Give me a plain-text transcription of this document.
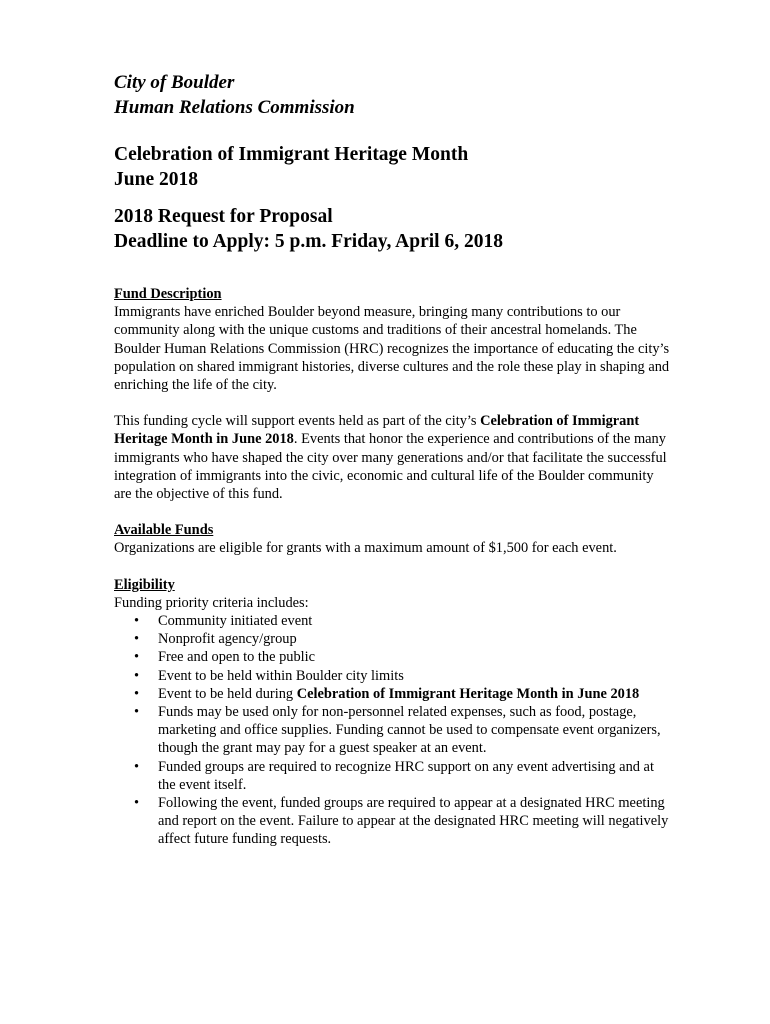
City of Boulder
Human Relations Commission
Celebration of Immigrant Heritage Month
June 2018
2018 Request for Proposal
Deadline to Apply: 5 p.m. Friday, April 6, 2018
Fund Description

Immigrants have enriched Boulder beyond measure, bringing many contributions to our community along with the unique customs and traditions of their ancestral homelands. The Boulder Human Relations Commission (HRC) recognizes the importance of educating the city’s population on shared immigrant histories, diverse cultures and the role these play in shaping and enriching the life of the city.

This funding cycle will support events held as part of the city’s Celebration of Immigrant Heritage Month in June 2018. Events that honor the experience and contributions of the many immigrants who have shaped the city over many generations and/or that facilitate the successful integration of immigrants into the civic, economic and cultural life of the Boulder community are the objective of this fund.

Available Funds

Organizations are eligible for grants with a maximum amount of $1,500 for each event.

Eligibility
Funding priority criteria includes:
• Community initiated event
• Nonprofit agency/group
• Free and open to the public
• Event to be held within Boulder city limits
• Event to be held during Celebration of Immigrant Heritage Month in June 2018
• Funds may be used only for non-personnel related expenses, such as food, postage, marketing and office supplies. Funding cannot be used to compensate event organizers, though the grant may pay for a guest speaker at an event.
• Funded groups are required to recognize HRC support on any event advertising and at the event itself.
• Following the event, funded groups are required to appear at a designated HRC meeting and report on the event. Failure to appear at the designated HRC meeting will negatively affect future funding requests.
